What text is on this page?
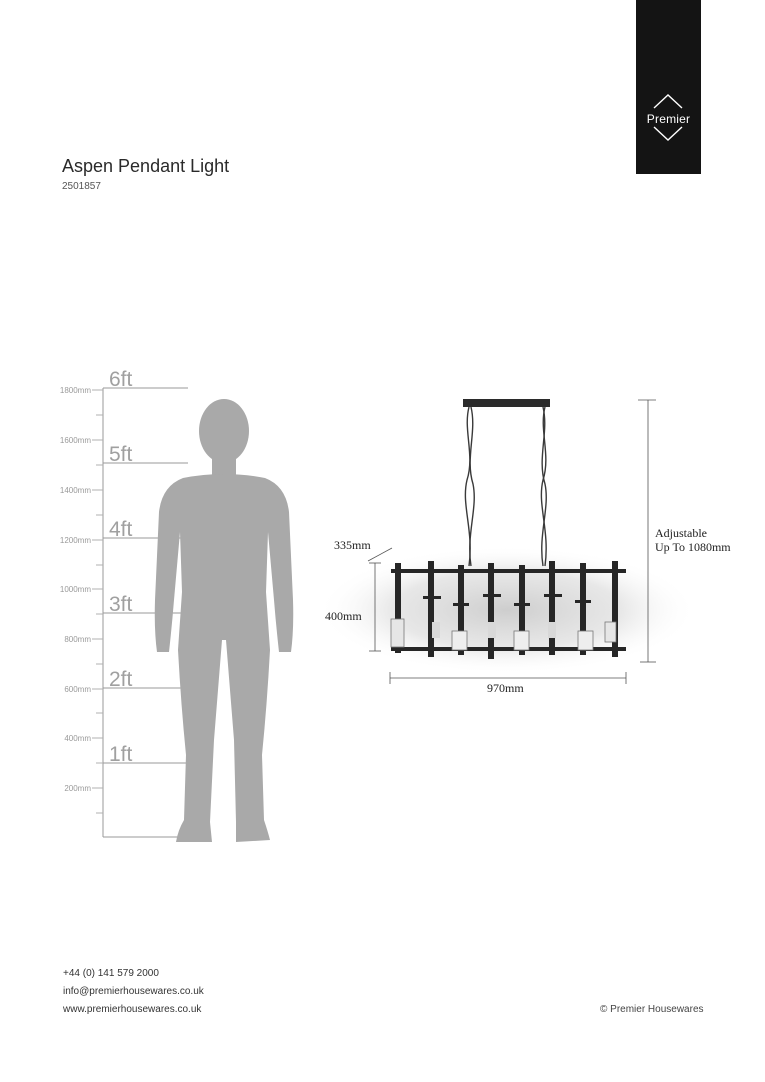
Premier
Aspen Pendant Light
2501857
1800mm
1600mm
1400mm
1200mm
1000mm
800mm
600mm
400mm
200mm
6ft
5ft
4ft
3ft
2ft
1ft
335mm
400mm
970mm
Adjustable
Up To 1080mm
+44 (0) 141 579 2000
info@premierhousewares.co.uk
www.premierhousewares.co.uk	© Premier Housewares
